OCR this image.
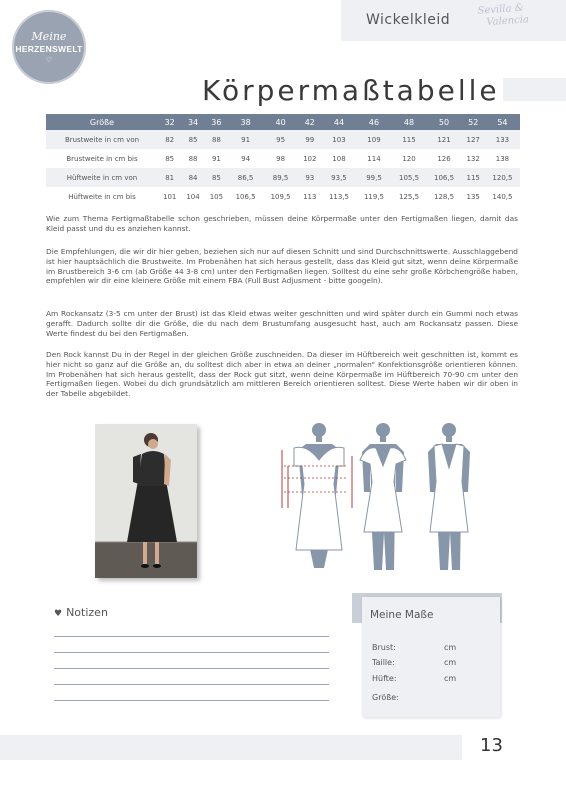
Meine
HERZENSWELT
♡
Wickelkleid
Sevilla &
Valencia
Körpermaßtabelle
Größe	32	34	36	38	40	42	44	46	48	50	52	54
Brustweite in cm von	82	85	88	91	95	99	103	109	115	121	127	133
Brustweite in cm bis	85	88	91	94	98	102	108	114	120	126	132	138
Hüftweite in cm von	81	84	85	86,5	89,5	93	93,5	99,5	105,5	106,5	115	120,5
Hüftweite in cm bis	101	104	105	106,5	109,5	113	113,5	119,5	125,5	128,5	135	140,5

Wie zum Thema Fertigmaßtabelle schon geschrieben, müssen deine Körpermaße unter den Fertigmaßen liegen, damit das Kleid passt und du es anziehen kannst.

Die Empfehlungen, die wir dir hier geben, beziehen sich nur auf diesen Schnitt und sind Durchschnittswerte. Ausschlaggebend ist hier hauptsächlich die Brustweite. Im Probenähen hat sich heraus gestellt, dass das Kleid gut sitzt, wenn deine Körpermaße im Brustbereich 3-6 cm (ab Größe 44 3-8 cm) unter den Fertigmaßen liegen. Solltest du eine sehr große Körbchengröße haben, empfehlen wir dir eine kleinere Größe mit einem FBA (Full Bust Adjusment - bitte googeln).

Am Rockansatz (3-5 cm unter der Brust) ist das Kleid etwas weiter geschnitten und wird später durch ein Gummi noch etwas gerafft. Dadurch sollte dir die Größe, die du nach dem Brustumfang ausgesucht hast, auch am Rockansatz passen. Diese Werte findest du bei den Fertigmaßen.

Den Rock kannst Du in der Regel in der gleichen Größe zuschneiden. Da dieser im Hüftbereich weit geschnitten ist, kommt es hier nicht so ganz auf die Größe an, du solltest dich aber in etwa an deiner „normalen“ Konfektionsgröße orientieren können. Im Probenähen hat sich heraus gestellt, dass der Rock gut sitzt, wenn deine Körpermaße im Hüftbereich 70-90 cm unter den Fertigmaßen liegen. Wobei du dich grundsätzlich am mittleren Bereich orientieren solltest. Diese Werte haben wir dir oben in der Tabelle abgebildet.

♥ Notizen	Meine Maße
Brust:	cm
Taille:	cm
Hüfte:	cm
Größe:
13
